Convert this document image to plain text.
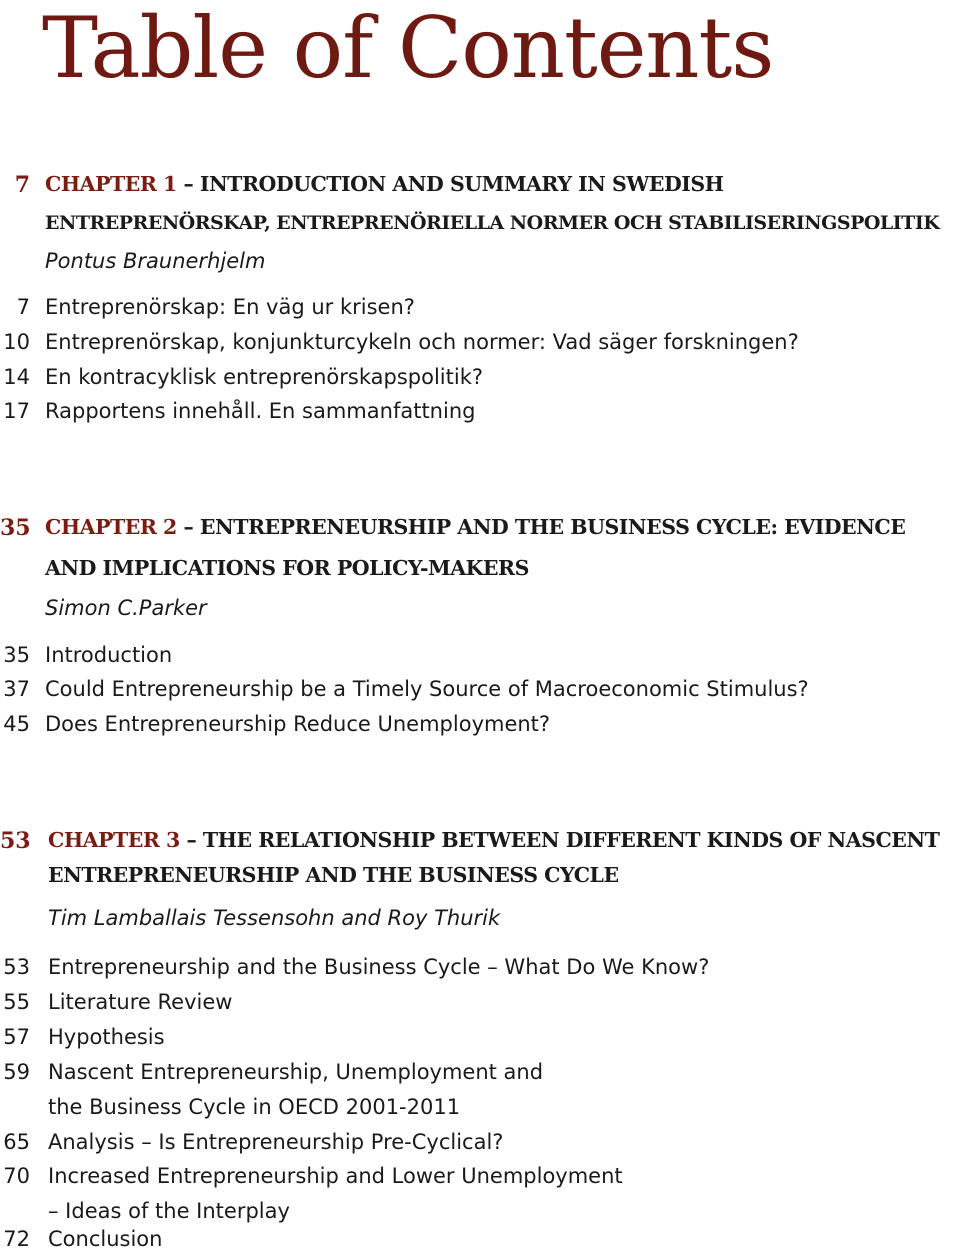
Table of Contents
7 CHAPTER 1 – INTRODUCTION AND SUMMARY IN SWEDISH
ENTREPRENÖRSKAP, ENTREPRENÖRIELLA NORMER OCH STABILISERINGSPOLITIK
Pontus Braunerhjelm
7 Entreprenörskap: En väg ur krisen?
10 Entreprenörskap, konjunkturcykeln och normer: Vad säger forskningen?
14 En kontracyklisk entreprenörskapspolitik?
17 Rapportens innehåll. En sammanfattning
35 CHAPTER 2 – ENTREPRENEURSHIP AND THE BUSINESS CYCLE: EVIDENCE
AND IMPLICATIONS FOR POLICY-MAKERS
Simon C.Parker
35 Introduction
37 Could Entrepreneurship be a Timely Source of Macroeconomic Stimulus?
45 Does Entrepreneurship Reduce Unemployment?
53 CHAPTER 3 – THE RELATIONSHIP BETWEEN DIFFERENT KINDS OF NASCENT
ENTREPRENEURSHIP AND THE BUSINESS CYCLE
Tim Lamballais Tessensohn and Roy Thurik
53 Entrepreneurship and the Business Cycle – What Do We Know?
55 Literature Review
57 Hypothesis
59 Nascent Entrepreneurship, Unemployment and
the Business Cycle in OECD 2001-2011
65 Analysis – Is Entrepreneurship Pre-Cyclical?
70 Increased Entrepreneurship and Lower Unemployment
– Ideas of the Interplay
72 Conclusion
